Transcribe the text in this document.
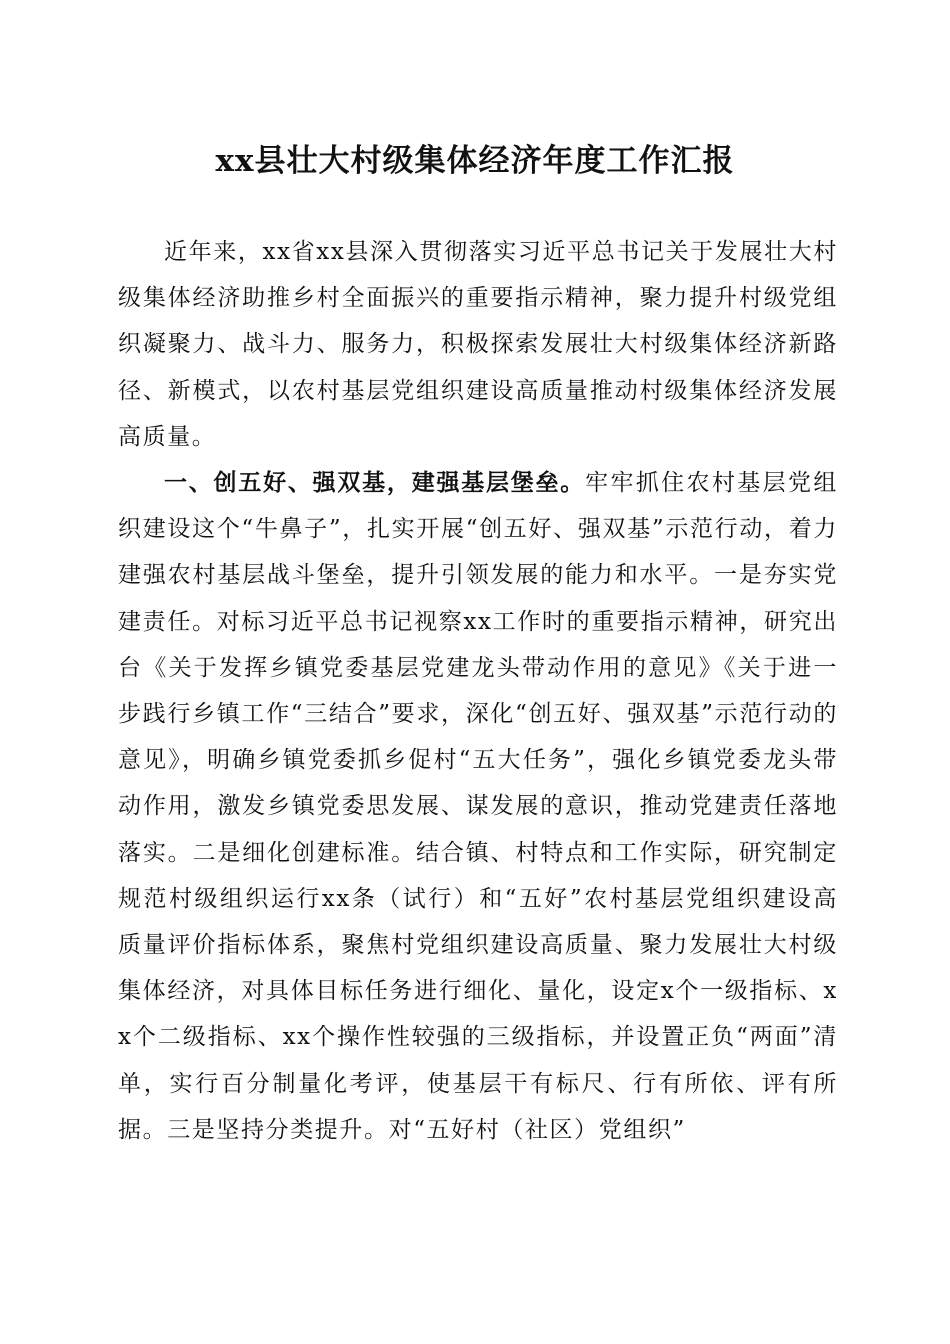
xx县壮大村级集体经济年度工作汇报

近年来，xx省xx县深入贯彻落实习近平总书记关于发展壮大村级集体经济助推乡村全面振兴的重要指示精神，聚力提升村级党组织凝聚力、战斗力、服务力，积极探索发展壮大村级集体经济新路径、新模式，以农村基层党组织建设高质量推动村级集体经济发展高质量。

一、创五好、强双基，建强基层堡垒。牢牢抓住农村基层党组织建设这个“牛鼻子”，扎实开展“创五好、强双基”示范行动，着力建强农村基层战斗堡垒，提升引领发展的能力和水平。一是夯实党建责任。对标习近平总书记视察xx工作时的重要指示精神，研究出台《关于发挥乡镇党委基层党建龙头带动作用的意见》《关于进一步践行乡镇工作“三结合”要求，深化“创五好、强双基”示范行动的意见》，明确乡镇党委抓乡促村“五大任务”，强化乡镇党委龙头带动作用，激发乡镇党委思发展、谋发展的意识，推动党建责任落地落实。二是细化创建标准。结合镇、村特点和工作实际，研究制定规范村级组织运行xx条（试行）和“五好”农村基层党组织建设高质量评价指标体系，聚焦村党组织建设高质量、聚力发展壮大村级集体经济，对具体目标任务进行细化、量化，设定x个一级指标、xx个二级指标、xx个操作性较强的三级指标，并设置正负“两面”清单，实行百分制量化考评，使基层干有标尺、行有所依、评有所据。三是坚持分类提升。对“五好村（社区）党组织”
